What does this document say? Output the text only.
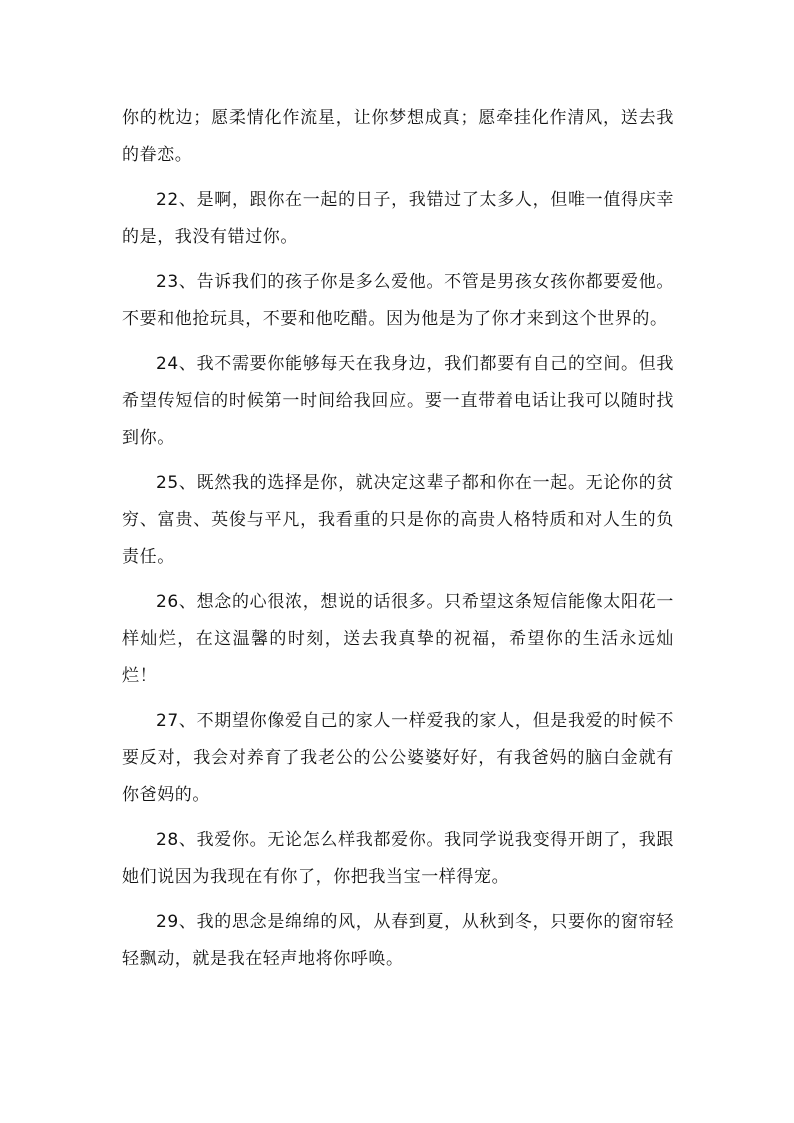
你的枕边；愿柔情化作流星，让你梦想成真；愿牵挂化作清风，送去我的眷恋。

22、是啊，跟你在一起的日子，我错过了太多人，但唯一值得庆幸的是，我没有错过你。

23、告诉我们的孩子你是多么爱他。不管是男孩女孩你都要爱他。不要和他抢玩具，不要和他吃醋。因为他是为了你才来到这个世界的。

24、我不需要你能够每天在我身边，我们都要有自己的空间。但我希望传短信的时候第一时间给我回应。要一直带着电话让我可以随时找到你。

25、既然我的选择是你，就决定这辈子都和你在一起。无论你的贫穷、富贵、英俊与平凡，我看重的只是你的高贵人格特质和对人生的负责任。

26、想念的心很浓，想说的话很多。只希望这条短信能像太阳花一样灿烂，在这温馨的时刻，送去我真挚的祝福，希望你的生活永远灿烂！

27、不期望你像爱自己的家人一样爱我的家人，但是我爱的时候不要反对，我会对养育了我老公的公公婆婆好好，有我爸妈的脑白金就有你爸妈的。

28、我爱你。无论怎么样我都爱你。我同学说我变得开朗了，我跟她们说因为我现在有你了，你把我当宝一样得宠。

29、我的思念是绵绵的风，从春到夏，从秋到冬，只要你的窗帘轻轻飘动，就是我在轻声地将你呼唤。
